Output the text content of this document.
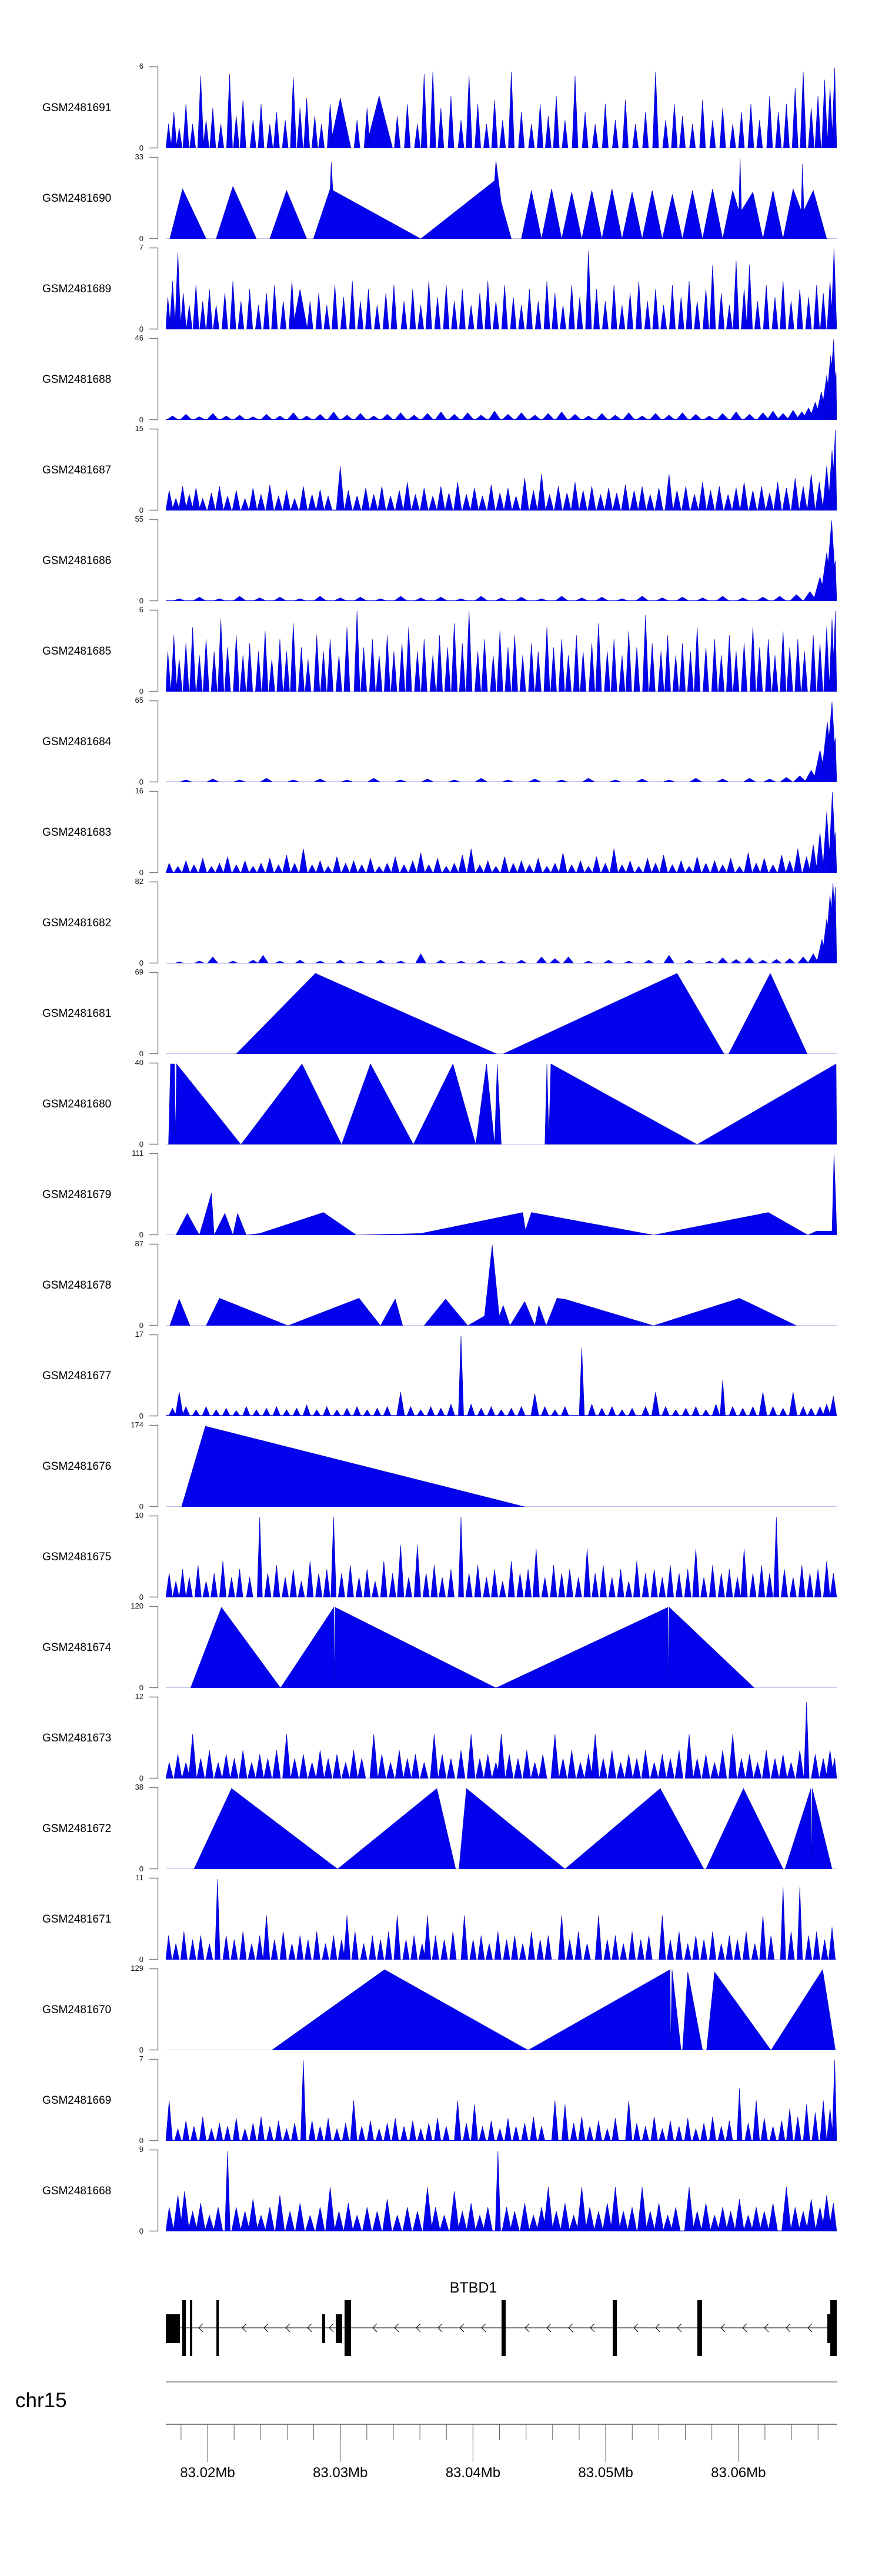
GSM2481691
6
0
GSM2481690
33
0
GSM2481689
7
0
GSM2481688
46
0
GSM2481687
15
0
GSM2481686
55
0
GSM2481685
6
0
GSM2481684
65
0
GSM2481683
16
0
GSM2481682
82
0
GSM2481681
69
0
GSM2481680
40
0
GSM2481679
111
0
GSM2481678
87
0
GSM2481677
17
0
GSM2481676
174
0
GSM2481675
10
0
GSM2481674
120
0
GSM2481673
12
0
GSM2481672
38
0
GSM2481671
11
0
GSM2481670
129
0
GSM2481669
7
0
GSM2481668
9
0
BTBD1
chr15
83.02Mb	83.03Mb	83.04Mb	83.05Mb	83.06Mb
